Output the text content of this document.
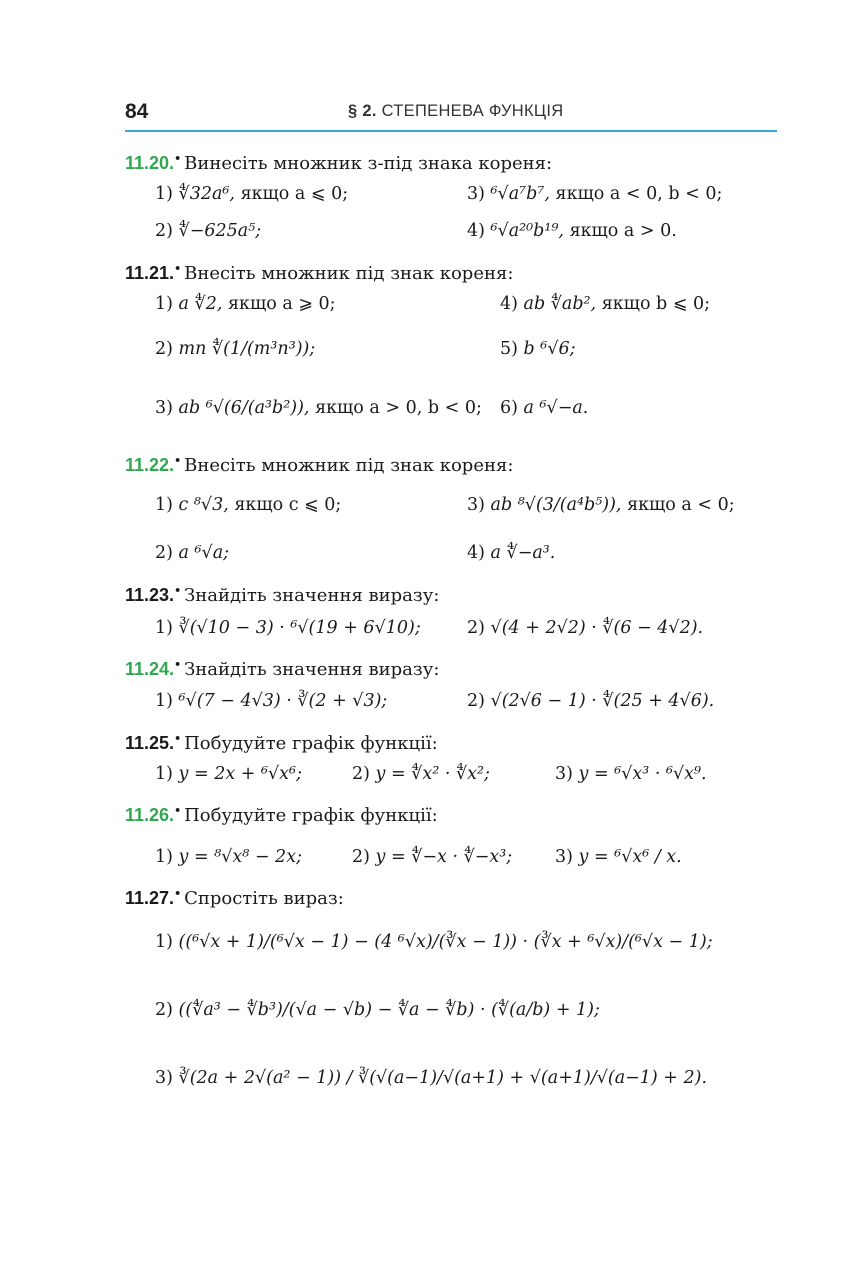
84	§ 2. СТЕПЕНЕВА ФУНКЦІЯ
11.20.• Винесіть множник з-під знака кореня:
1) ∜32a⁶, якщо a ⩽ 0;	3) ⁶√a⁷b⁷, якщо a < 0, b < 0;
2) ∜−625a⁵;	4) ⁶√a²⁰b¹⁹, якщо a > 0.
11.21.• Внесіть множник під знак кореня:
1) a ∜2, якщо a ⩾ 0;	4) ab ∜ab², якщо b ⩽ 0;
2) mn ∜(1/(m³n³));	5) b ⁶√6;
3) ab ⁶√(6/(a³b²)), якщо a > 0, b < 0; 6) a ⁶√−a.
11.22.• Внесіть множник під знак кореня:
1) c ⁸√3, якщо c ⩽ 0;	3) ab ⁸√(3/(a⁴b⁵)), якщо a < 0;
2) a ⁶√a;	4) a ∜−a³.
11.23.• Знайдіть значення виразу:
1) ∛(√10 − 3) · ⁶√(19 + 6√10);	2) √(4 + 2√2) · ∜(6 − 4√2).
11.24.• Знайдіть значення виразу:
1) ⁶√(7 − 4√3) · ∛(2 + √3);	2) √(2√6 − 1) · ∜(25 + 4√6).
11.25.• Побудуйте графік функції:
1) y = 2x + ⁶√x⁶;	2) y = ∜x² · ∜x²;	3) y = ⁶√x³ · ⁶√x⁹.
11.26.• Побудуйте графік функції:
1) y = ⁸√x⁸ − 2x;	2) y = ∜−x · ∜−x³; 3) y = ⁶√x⁶ / x.
11.27.• Спростіть вираз:
1) ((⁶√x + 1)/(⁶√x − 1) − (4 ⁶√x)/(∛x − 1)) · (∛x + ⁶√x)/(⁶√x − 1);
2) ((∜a³ − ∜b³)/(√a − √b) − ∜a − ∜b) · (∜(a/b) + 1);
3) ∛(2a + 2√(a² − 1)) / ∛(√(a−1)/√(a+1) + √(a+1)/√(a−1) + 2).
